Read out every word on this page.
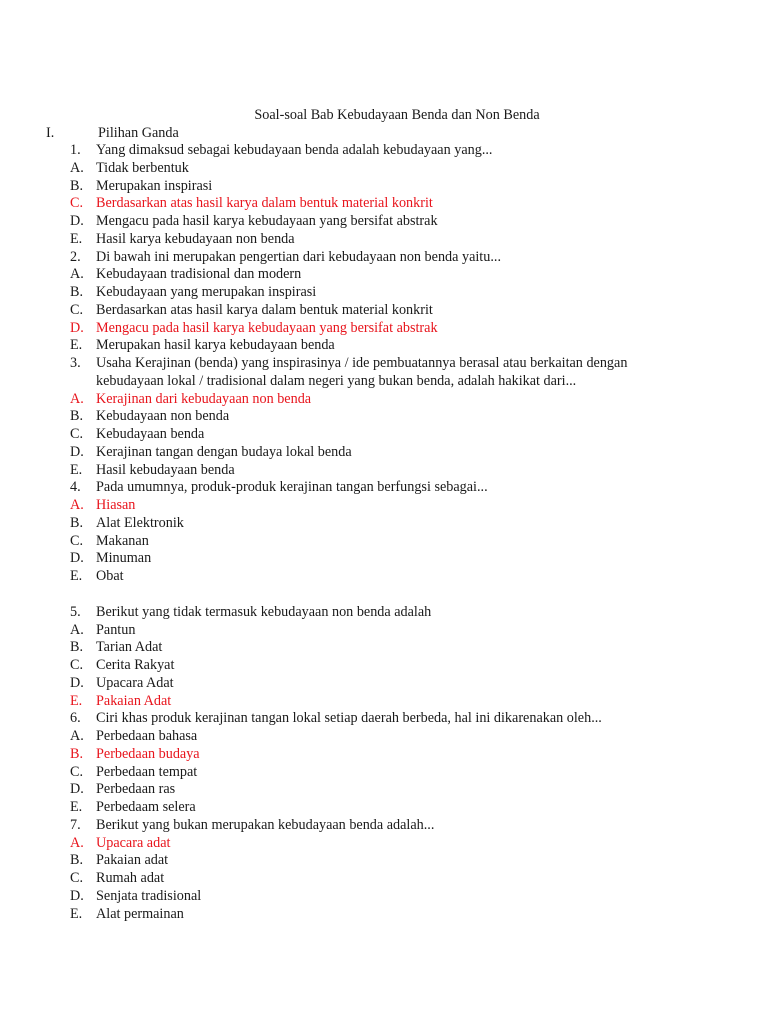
Soal-soal Bab Kebudayaan Benda dan Non Benda
I.	Pilihan Ganda
1.	Yang dimaksud sebagai kebudayaan benda adalah kebudayaan yang...
A. Tidak berbentuk
B. Merupakan inspirasi
C. Berdasarkan atas hasil karya dalam bentuk material konkrit
D. Mengacu pada hasil karya kebudayaan yang bersifat abstrak
E. Hasil karya kebudayaan non benda
2.	Di bawah ini merupakan pengertian dari kebudayaan non benda yaitu...
A. Kebudayaan tradisional dan modern
B. Kebudayaan yang merupakan inspirasi
C. Berdasarkan atas hasil karya dalam bentuk material konkrit
D. Mengacu pada hasil karya kebudayaan yang bersifat abstrak
E. Merupakan hasil karya kebudayaan benda
3.	Usaha Kerajinan (benda) yang inspirasinya / ide pembuatannya berasal atau berkaitan dengan
kebudayaan lokal / tradisional dalam negeri yang bukan benda, adalah hakikat dari...
A. Kerajinan dari kebudayaan non benda
B. Kebudayaan non benda
C. Kebudayaan benda
D. Kerajinan tangan dengan budaya lokal benda
E. Hasil kebudayaan benda
4.	Pada umumnya, produk-produk kerajinan tangan berfungsi sebagai...
A. Hiasan
B. Alat Elektronik
C. Makanan
D. Minuman
E. Obat
5.	Berikut yang tidak termasuk kebudayaan non benda adalah
A. Pantun
B. Tarian Adat
C. Cerita Rakyat
D. Upacara Adat
E. Pakaian Adat
6.	Ciri khas produk kerajinan tangan lokal setiap daerah berbeda, hal ini dikarenakan oleh...
A. Perbedaan bahasa
B. Perbedaan budaya
C. Perbedaan tempat
D. Perbedaan ras
E. Perbedaam selera
7.	Berikut yang bukan merupakan kebudayaan benda adalah...
A. Upacara adat
B. Pakaian adat
C. Rumah adat
D. Senjata tradisional
E. Alat permainan
